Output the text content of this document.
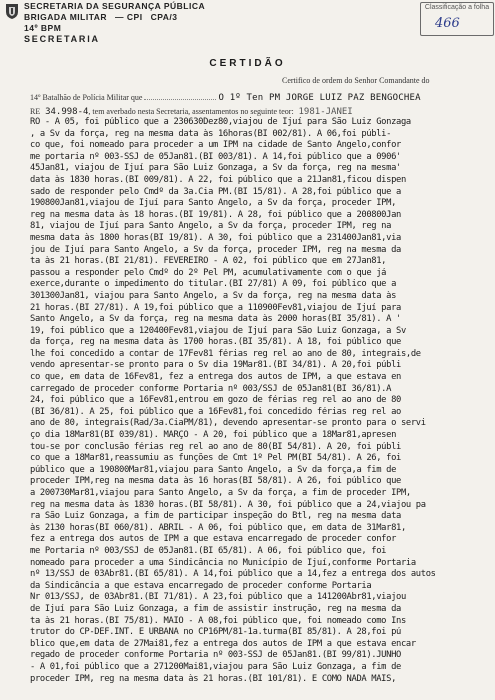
SECRETARIA DA SEGURANÇA PÚBLICA
BRIGADA MILITAR — CPI CPA/3
14º BPM
SECRETARIA
Classificação a folha
466
CERTIDÃO
Certifico de ordem do Senhor Comandante do
14º Batalhão de Polícia Militar que	O 1º Ten PM JORGE LUIZ PAZ BENGOCHEA
RE 34.998-4, tem averbado nesta Secretaria, assentamentos no seguinte teor: 1981-JANEI
RO - A 05, foi público que a 230630Dez80,viajou de Ijuí para São Luiz Gonzaga
, a Sv da força, reg na mesma data às 16horas(BI 002/81). A 06,foi públi-
co que, foi nomeado para proceder a um IPM na cidade de Santo Angelo,confor
me portaria nº 003-SSJ de 05Jan81.(BI 003/81). A 14,foi público que a 0906'
45Jan81, viajou de Ijuí para São Luiz Gonzaga, a Sv da força, reg na mesma'
data às 1830 horas.(BI 009/81). A 22, foi público que a 21Jan81,ficou dispen
sado de responder pelo Cmdº da 3a.Cia PM.(BI 15/81). A 28,foi público que a
190800Jan81,viajou de Ijuí para Santo Angelo, a Sv da força, proceder IPM,
reg na mesma data às 18 horas.(BI 19/81). A 28, foi público que a 200800Jan
81, viajou de Ijuí para Santo Angelo, a Sv da força, proceder IPM, reg na
mesma data às 1800 horas(BI 19/81). A 30, foi público que a 231400Jan81,via
jou de Ijuí para Santo Angelo, a Sv da força, proceder IPM, reg na mesma da
ta às 21 horas.(BI 21/81). FEVEREIRO - A 02, foi público que em 27Jan81,
passou a responder pelo Cmdº do 2º Pel PM, acumulativamente com o que já
exerce,durante o impedimento do titular.(BI 27/81) A 09, foi público que a
301300Jan81, viajou para Santo Angelo, a Sv da força, reg na mesma data às
21 horas.(BI 27/81). A 19,foi público que a 110900Fev81,viajou de Ijuí para
Santo Angelo, a Sv da força, reg na mesma data às 2000 horas(BI 35/81). A '
19, foi público que a 120400Fev81,viajou de Ijuí para São Luiz Gonzaga, a Sv
da força, reg na mesma data às 1700 horas.(BI 35/81). A 18, foi público que
lhe foi concedido a contar de 17Fev81 férias reg rel ao ano de 80, integrais,de
vendo apresentar-se pronto para o Sv dia 19Mar81.(BI 34/81). A 20,foi públi
co que, em data de 16Fev81, fez a entrega dos autos de IPM, a que estava en
carregado de proceder conforme Portaria nº 003/SSJ de 05Jan81(BI 36/81).A
24, foi público que a 16Fev81,entrou em gozo de férias reg rel ao ano de 80
(BI 36/81). A 25, foi público que a 16Fev81,foi concedido férias reg rel ao
ano de 80, integrais(Rad/3a.CiaPM/81), devendo apresentar-se pronto para o servi
ço dia 18Mar81(BI 039/81). MARÇO - A 20, foi público que a 18Mar81,apresen
tou-se por conclusão férias reg rel ao ano de 80(BI 54/81). A 20, foi públi
co que a 18Mar81,reassumiu as funções de Cmt 1º Pel PM(BI 54/81). A 26, foi
público que a 190800Mar81,viajou para Santo Angelo, a Sv da força,a fim de
proceder IPM,reg na mesma data às 16 horas(BI 58/81). A 26, foi público que
a 200730Mar81,viajou para Santo Angelo, a Sv da força, a fim de proceder IPM,
reg na mesma data às 1830 horas.(BI 58/81). A 30, foi público que a 24,viajou pa
ra São Luiz Gonzaga, a fim de participar inspeção do Btl, reg na mesma data
às 2130 horas(BI 060/81). ABRIL - A 06, foi público que, em data de 31Mar81,
fez a entrega dos autos de IPM a que estava encarregado de proceder confor
me Portaria nº 003/SSJ de 05Jan81.(BI 65/81). A 06, foi público que, foi
nomeado para proceder a uma Sindicância no Município de Ijuí,conforme Portaria
nº 13/SSJ de 03Abr81.(BI 65/81). A 14,foi público que a 14,fez a entrega dos autos
da Sindicância a que estava encarregado de proceder conforme Portaria
Nr 013/SSJ, de 03Abr81.(BI 71/81). A 23,foi público que a 141200Abr81,viajou
de Ijuí para São Luiz Gonzaga, a fim de assistir instrução, reg na mesma da
ta às 21 horas.(BI 75/81). MAIO - A 08,foi público que, foi nomeado como Ins
trutor do CP-DEF.INT. E URBANA no CP16PM/81-1a.turma(BI 85/81). A 28,foi pú
blico que,em data de 27Mai81,fez a entrega dos autos de IPM a que estava encar
regado de proceder conforme Portaria nº 003-SSJ de 05Jan81.(BI 99/81).JUNHO
- A 01,foi público que a 271200Mai81,viajou para São Luiz Gonzaga, a fim de
proceder IPM, reg na mesma data às 21 horas.(BI 101/81). E COMO NADA MAIS,
